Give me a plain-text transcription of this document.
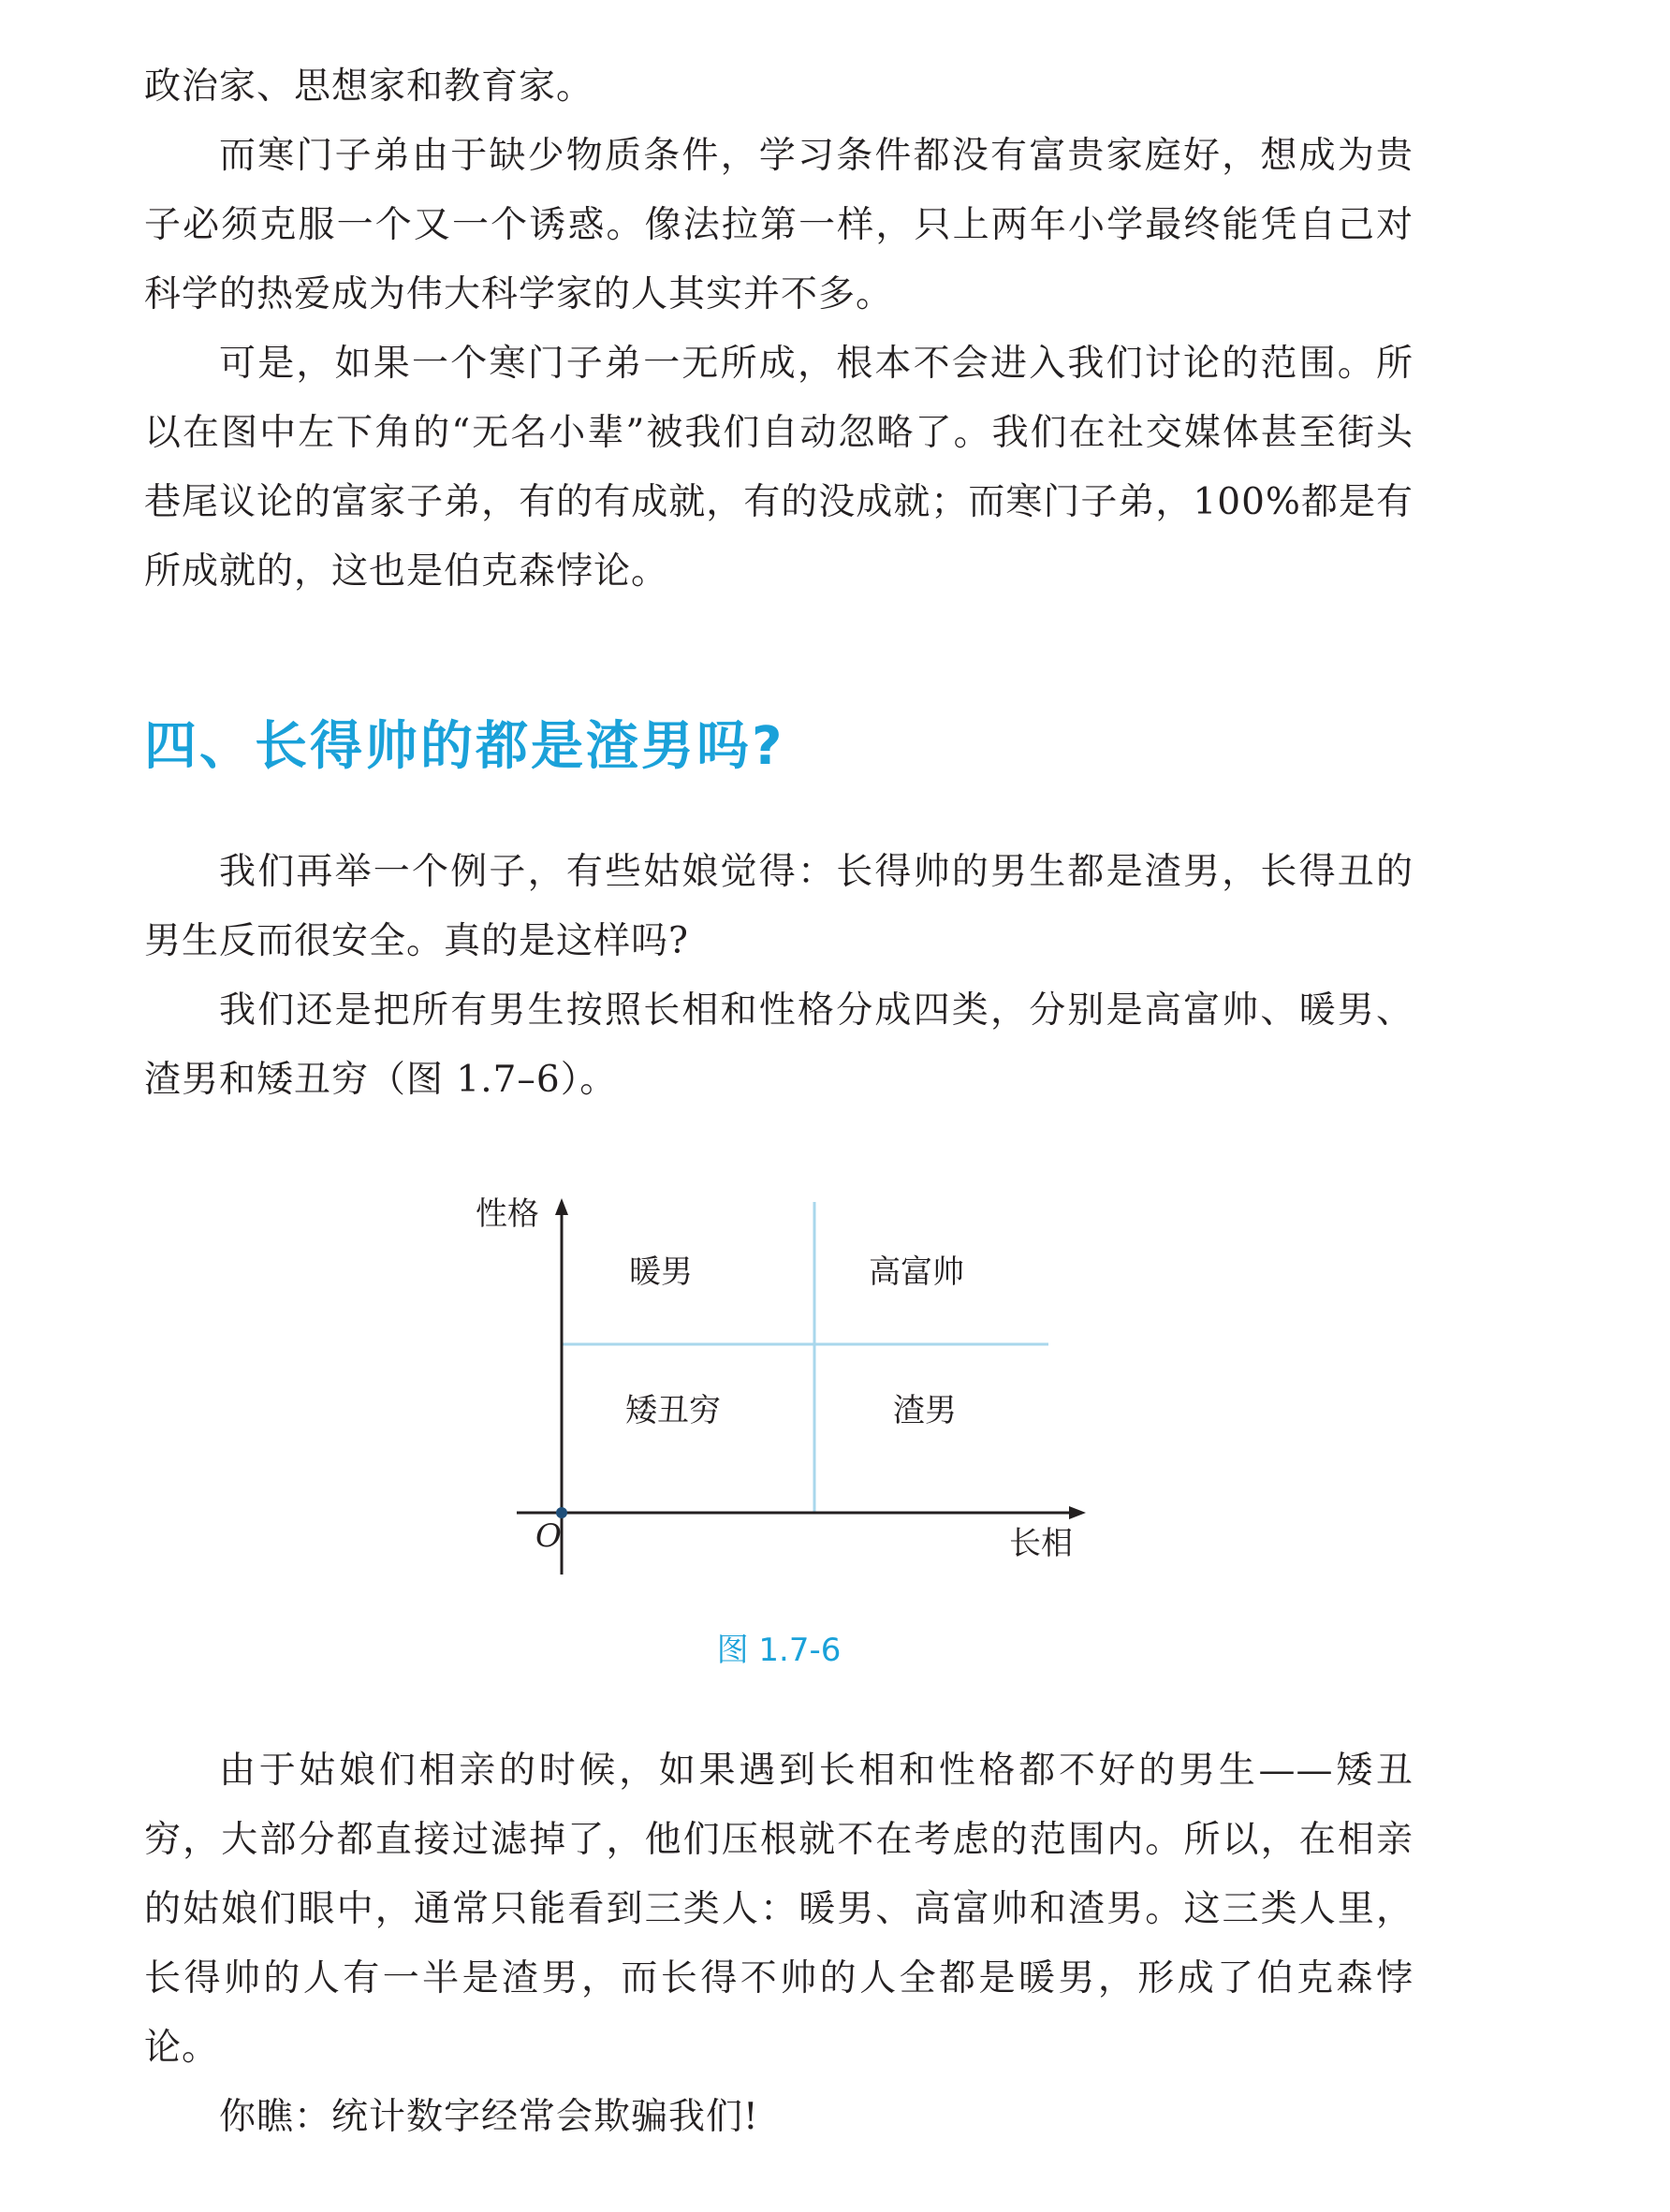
政治家、思想家和教育家。

而寒门子弟由于缺少物质条件，学习条件都没有富贵家庭好，想成为贵子必须克服一个又一个诱惑。像法拉第一样，只上两年小学最终能凭自己对科学的热爱成为伟大科学家的人其实并不多。

可是，如果一个寒门子弟一无所成，根本不会进入我们讨论的范围。所以在图中左下角的“无名小辈”被我们自动忽略了。我们在社交媒体甚至街头巷尾议论的富家子弟，有的有成就，有的没成就；而寒门子弟，100%都是有所成就的，这也是伯克森悖论。

四、长得帅的都是渣男吗?

我们再举一个例子，有些姑娘觉得：长得帅的男生都是渣男，长得丑的男生反而很安全。真的是这样吗?

我们还是把所有男生按照长相和性格分成四类，分别是高富帅、暖男、渣男和矮丑穷（图 1.7–6）。

性格
长相
O
暖男	高富帅
矮丑穷	渣男

图 1.7-6

由于姑娘们相亲的时候，如果遇到长相和性格都不好的男生——矮丑穷，大部分都直接过滤掉了，他们压根就不在考虑的范围内。所以，在相亲的姑娘们眼中，通常只能看到三类人：暖男、高富帅和渣男。这三类人里，长得帅的人有一半是渣男，而长得不帅的人全都是暖男，形成了伯克森悖论。

你瞧：统计数字经常会欺骗我们!
